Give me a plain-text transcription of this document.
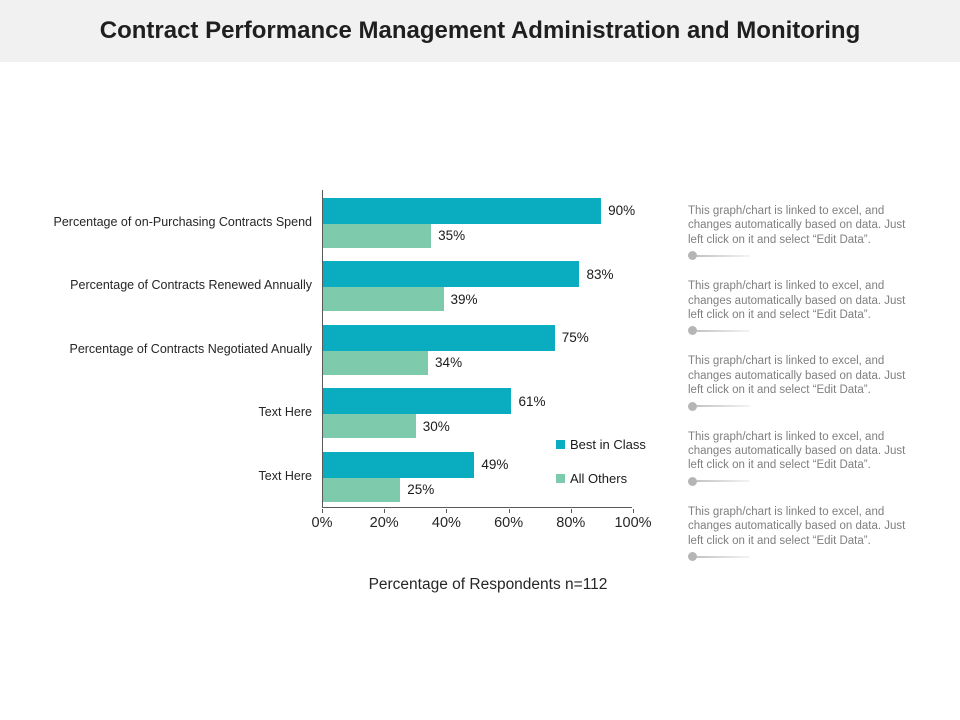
Contract Performance Management Administration and Monitoring
Percentage of on-Purchasing Contracts Spend
Percentage of Contracts Renewed Annually
Percentage of Contracts Negotiated Anually
Text Here
Text Here
90%
35%
83%
39%
75%
34%
61%
30%
49%
25%
0%	20% 40% 60% 80% 100%
Best in Class
All Others
Percentage of Respondents n=112

This graph/chart is linked to excel, and changes automatically based on data. Just left click on it and select “Edit Data”.

This graph/chart is linked to excel, and changes automatically based on data. Just left click on it and select “Edit Data”.

This graph/chart is linked to excel, and changes automatically based on data. Just left click on it and select “Edit Data”.

This graph/chart is linked to excel, and changes automatically based on data. Just left click on it and select “Edit Data”.

This graph/chart is linked to excel, and changes automatically based on data. Just left click on it and select “Edit Data”.
